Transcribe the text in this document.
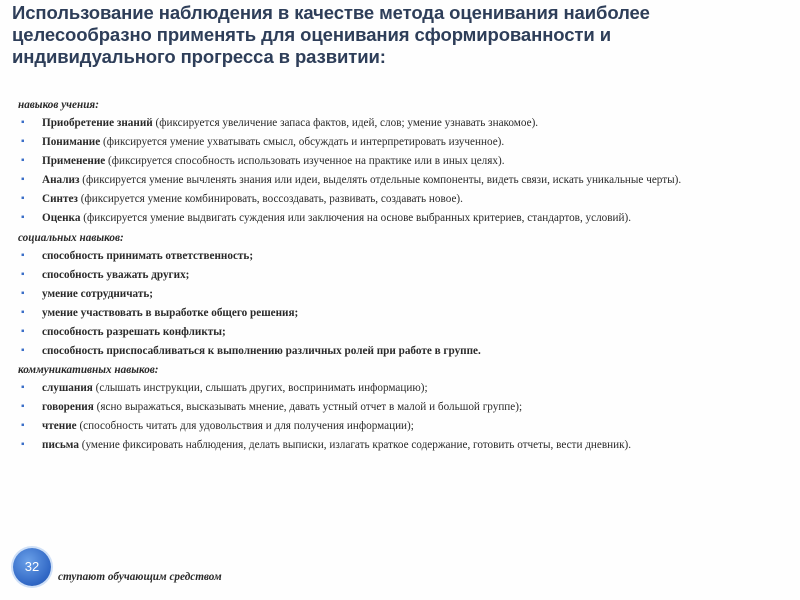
Использование наблюдения в качестве метода оценивания наиболее
целесообразно применять для оценивания сформированности и
индивидуального прогресса в развитии:

навыков учения:

▪ Приобретение знаний (фиксируется увеличение запаса фактов, идей, слов; умение узнавать знакомое).
▪ Понимание (фиксируется умение ухватывать смысл, обсуждать и интерпретировать изученное).
▪ Применение (фиксируется способность использовать изученное на практике или в иных целях).
▪ Анализ (фиксируется умение вычленять знания или идеи, выделять отдельные компоненты, видеть связи, искать уникальные черты).
▪ Синтез (фиксируется умение комбинировать, воссоздавать, развивать, создавать новое).
▪ Оценка (фиксируется умение выдвигать суждения или заключения на основе выбранных критериев, стандартов, условий).

социальных навыков:

▪ способность принимать ответственность;
▪ способность уважать других;
▪ умение сотрудничать;
▪ умение участвовать в выработке общего решения;
▪ способность разрешать конфликты;
▪ способность приспосабливаться к выполнению различных ролей при работе в группе.

коммуникативных навыков:

▪ слушания (слышать инструкции, слышать других, воспринимать информацию);
▪ говорения (ясно выражаться, высказывать мнение, давать устный отчет в малой и большой группе);
▪ чтение (способность читать для удовольствия и для получения информации);
▪ письма (умение фиксировать наблюдения, делать выписки, излагать краткое содержание, готовить отчеты, вести дневник).
ступают обучающим средством
32
